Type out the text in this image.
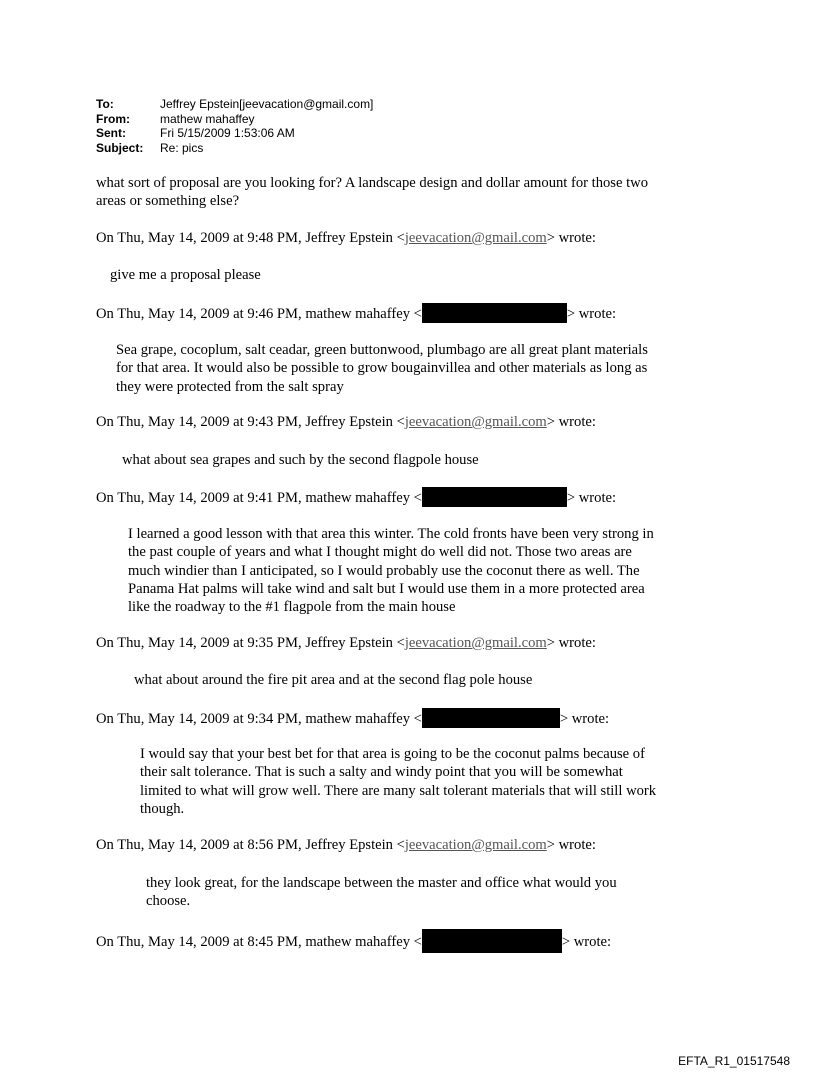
To:	Jeffrey Epstein[jeevacation@gmail.com]
From:	mathew mahaffey
Sent:	Fri 5/15/2009 1:53:06 AM
Subject:	Re: pics
what sort of proposal are you looking for? A landscape design and dollar amount for those two
areas or something else?
On Thu, May 14, 2009 at 9:48 PM, Jeffrey Epstein <jeevacation@gmail.com> wrote:
give me a proposal please
On Thu, May 14, 2009 at 9:46 PM, mathew mahaffey <	> wrote:
Sea grape, cocoplum, salt ceadar, green buttonwood, plumbago are all great plant materials
for that area. It would also be possible to grow bougainvillea and other materials as long as
they were protected from the salt spray
On Thu, May 14, 2009 at 9:43 PM, Jeffrey Epstein <jeevacation@gmail.com> wrote:
what about sea grapes and such by the second flagpole house
On Thu, May 14, 2009 at 9:41 PM, mathew mahaffey <	> wrote:
I learned a good lesson with that area this winter. The cold fronts have been very strong in
the past couple of years and what I thought might do well did not. Those two areas are
much windier than I anticipated, so I would probably use the coconut there as well. The
Panama Hat palms will take wind and salt but I would use them in a more protected area
like the roadway to the #1 flagpole from the main house
On Thu, May 14, 2009 at 9:35 PM, Jeffrey Epstein <jeevacation@gmail.com> wrote:
what about around the fire pit area and at the second flag pole house
On Thu, May 14, 2009 at 9:34 PM, mathew mahaffey <	> wrote:
I would say that your best bet for that area is going to be the coconut palms because of
their salt tolerance. That is such a salty and windy point that you will be somewhat
limited to what will grow well. There are many salt tolerant materials that will still work
though.
On Thu, May 14, 2009 at 8:56 PM, Jeffrey Epstein <jeevacation@gmail.com> wrote:
they look great, for the landscape between the master and office what would you
choose.
On Thu, May 14, 2009 at 8:45 PM, mathew mahaffey <	> wrote:
EFTA_R1_01517548
